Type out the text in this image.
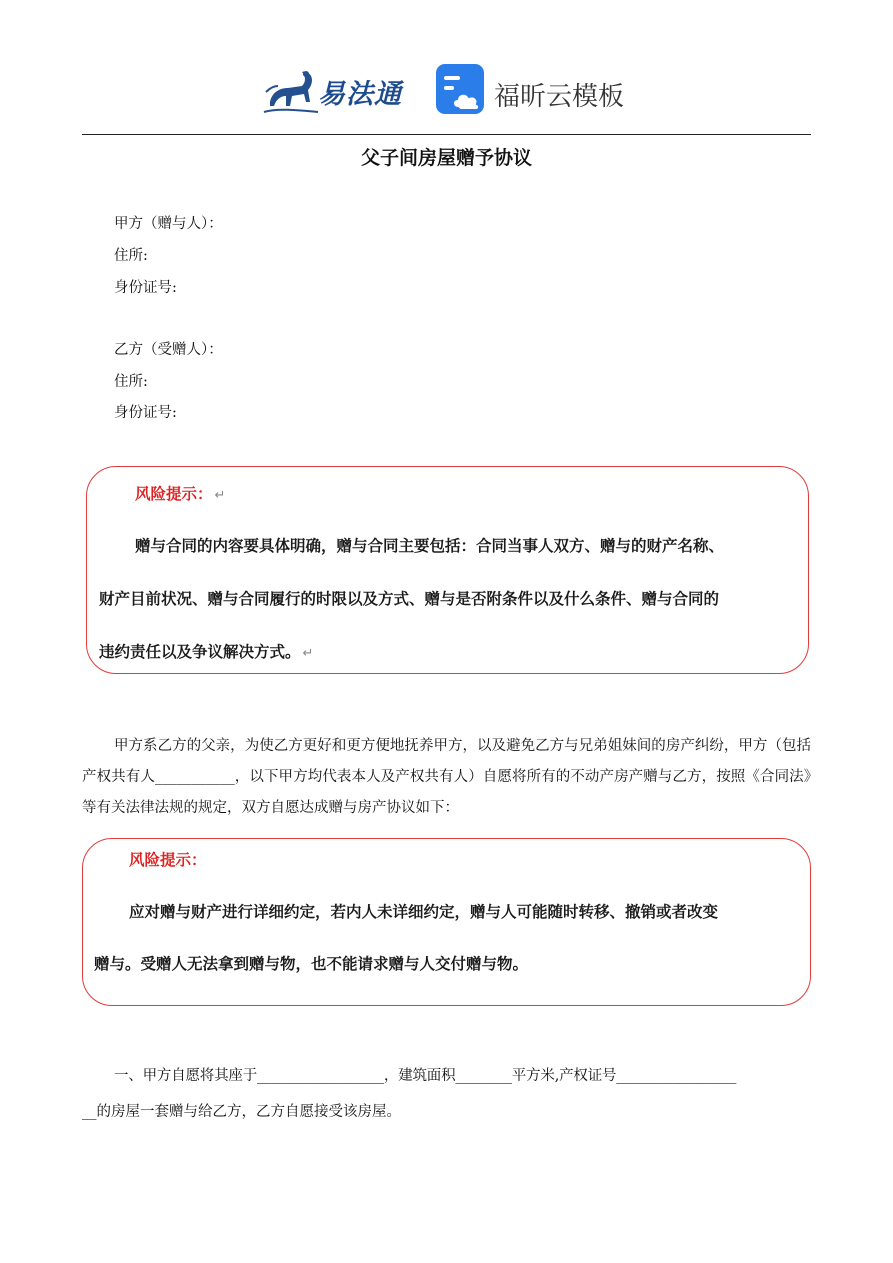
易法通	福昕云模板
父子间房屋赠予协议
甲方（赠与人）：
住所:
身份证号:
乙方（受赠人）：
住所:
身份证号:
风险提示： ↵
赠与合同的内容要具体明确，赠与合同主要包括：合同当事人双方、赠与的财产名称、
财产目前状况、赠与合同履行的时限以及方式、赠与是否附条件以及什么条件、赠与合同的
违约责任以及争议解决方式。 ↵
甲方系乙方的父亲，为使乙方更好和更方便地抚养甲方，以及避免乙方与兄弟姐妹间的房产纠纷，甲方（包括产权共有人___________，以下甲方均代表本人及产权共有人）自愿将所有的不动产房产赠与乙方，按照《合同法》等有关法律法规的规定，双方自愿达成赠与房产协议如下：
风险提示：
应对赠与财产进行详细约定，若内人未详细约定，赠与人可能随时转移、撤销或者改变
赠与。受赠人无法拿到赠与物，也不能请求赠与人交付赠与物。
一、甲方自愿将其座于__________________，建筑面积________平方米,产权证号_________________
__的房屋一套赠与给乙方，乙方自愿接受该房屋。
